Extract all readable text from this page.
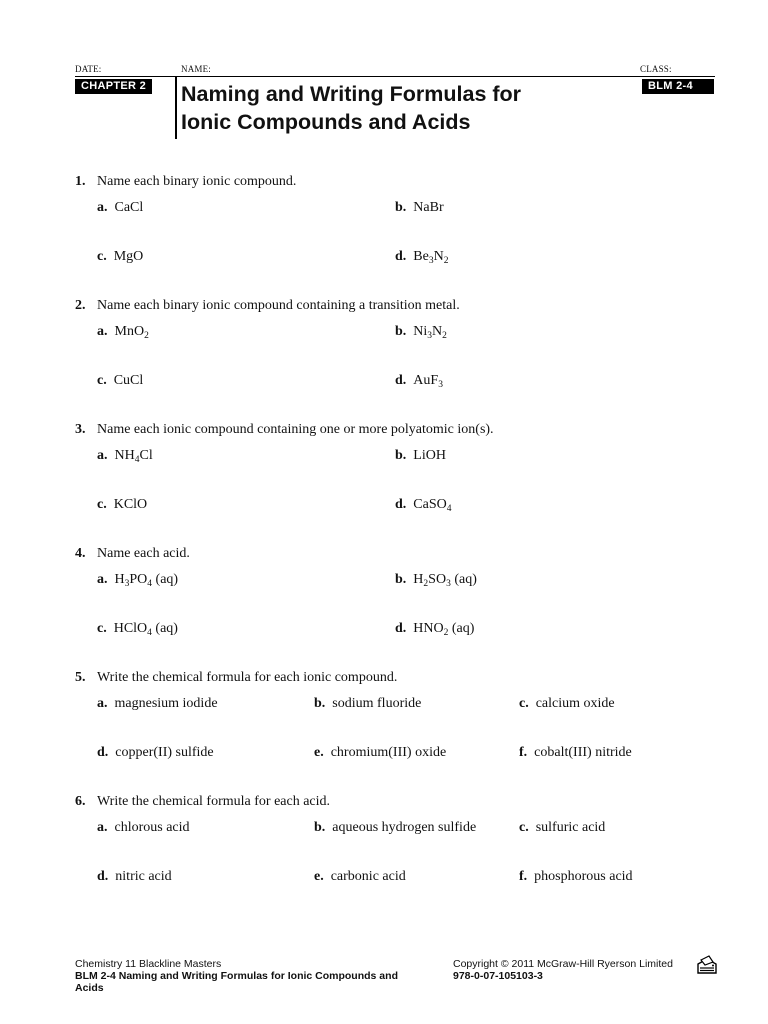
DATE:	NAME:	CLASS:
CHAPTER 2	BLM 2-4
Naming and Writing Formulas for
Ionic Compounds and Acids
1. Name each binary ionic compound.
a. CaCl	b. NaBr
c. MgO	d. $Be_3N_2$
2. Name each binary ionic compound containing a transition metal.
a. MnO$_2$	b. $Ni_3N_2$
c. CuCl	d. AuF$_3$
3. Name each ionic compound containing one or more polyatomic ion(s).
a. $NH_4Cl$	b. LiOH
c. KClO	d. CaSO$_4$
4. Name each acid.
a. $H_3PO_4$ (aq)	b. $H_2SO_3$ (aq)
c. HClO$_4$ (aq)	d. $HNO_2$ (aq)
5. Write the chemical formula for each ionic compound.
a. magnesium iodide	b. sodium fluoride	c. calcium oxide
d. copper(II) sulfide	e. chromium(III) oxide	f. cobalt(III) nitride
6. Write the chemical formula for each acid.
a. chlorous acid	b. aqueous hydrogen sulfide	c. sulfuric acid
d. nitric acid	e. carbonic acid	f. phosphorous acid
Chemistry 11 Blackline Masters
BLM 2-4 Naming and Writing Formulas for Ionic Compounds and
Acids
Copyright © 2011 McGraw-Hill Ryerson Limited
978-0-07-105103-3
